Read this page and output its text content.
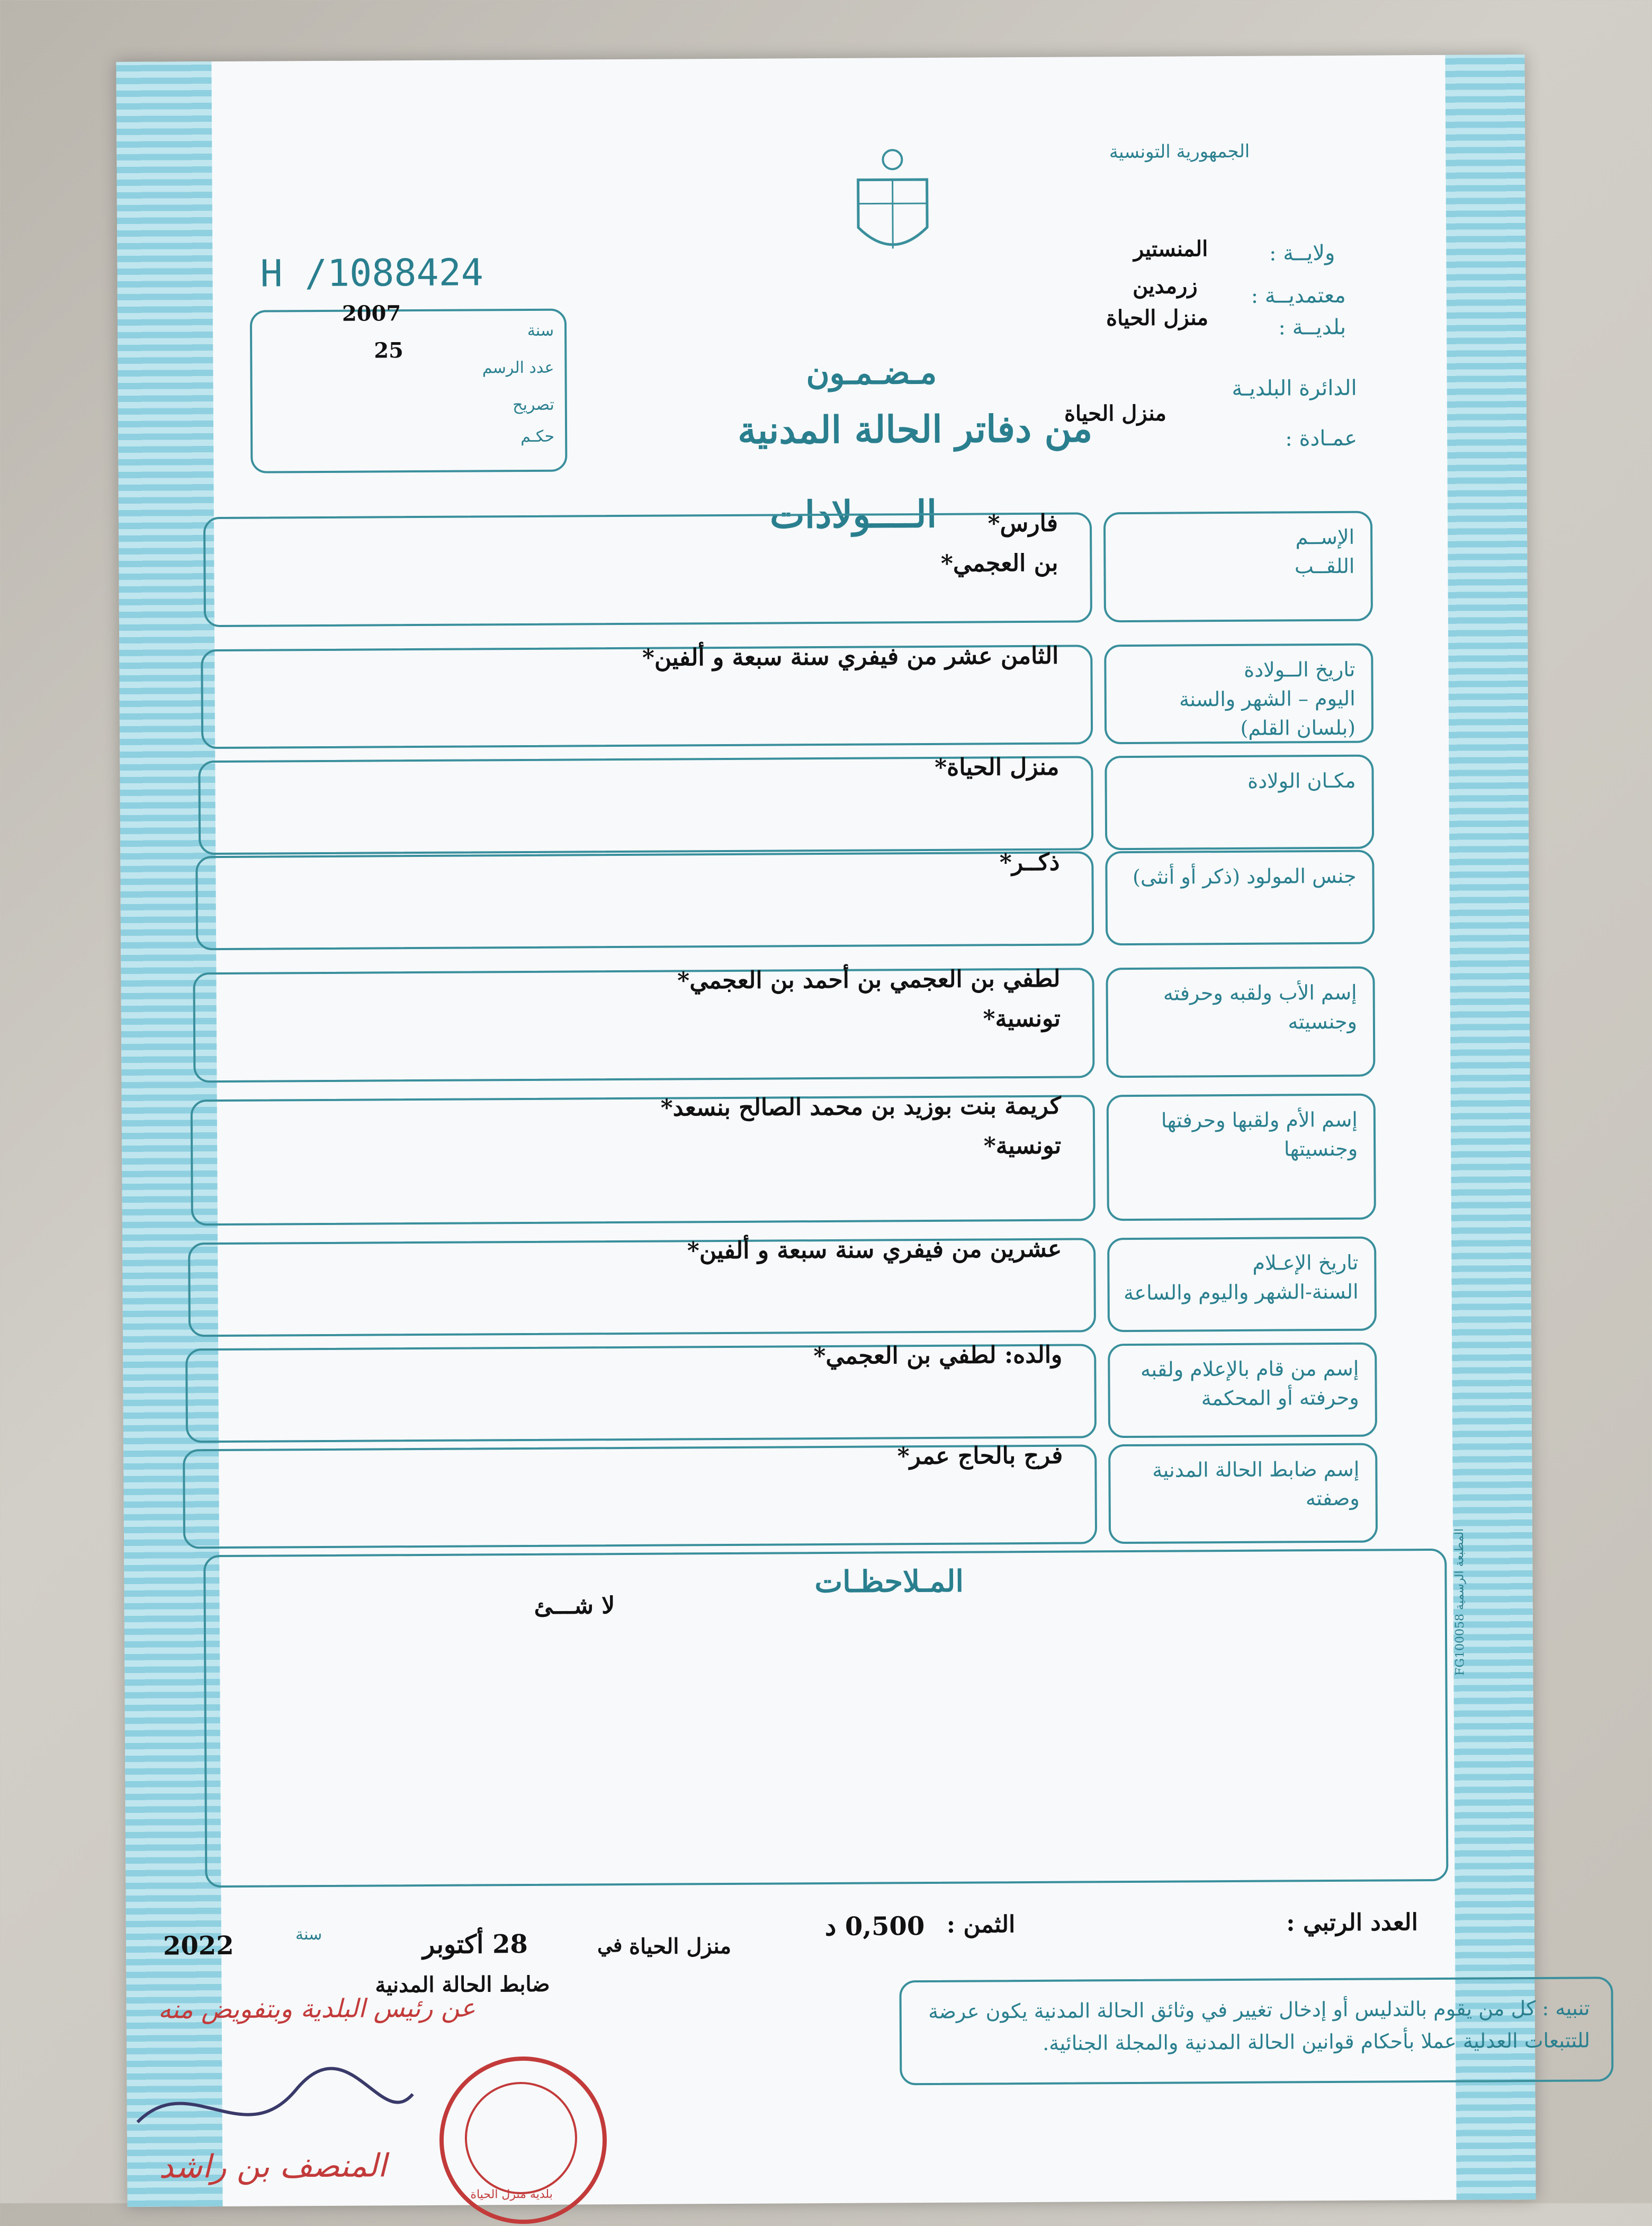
الجمهورية التونسية
ولايــة :
المنستير
معتمديــة :
زرمدين
بلديــة :
منزل الحياة
الدائرة البلديـة
منزل الحياة
عمـادة :
H /1088424
2007
سنة
25
عدد الرسم
تصريح
حكـم
مـضـمـون
من دفاتر الحالة المدنية
الــــولادات
الإســم
اللقــب
فارس*
بن العجمي*
تاريخ الــولادة
اليوم – الشهر والسنة
(بلسان القلم)
الثامن عشر من فيفري سنة سبعة و ألفين*
مكـان الولادة
منزل الحياة*
جنس المولود (ذكر أو أنثى)
ذكــر*
إسم الأب ولقبه وحرفته
وجنسيته
لطفي بن العجمي بن أحمد بن العجمي*
تونسية*
إسم الأم ولقبها وحرفتها
وجنسيتها
كريمة بنت بوزيد بن محمد الصالح بنسعد*
تونسية*
تاريخ الإعـلام
السنة-الشهر واليوم والساعة
عشرين من فيفري سنة سبعة و ألفين*
إسم من قام بالإعلام ولقبه
وحرفته أو المحكمة
والده: لطفي بن العجمي*
إسم ضابط الحالة المدنية
وصفته
فرج بالحاج عمر*
المـلاحظـات
لا شـــئ
المطبعة الرسمية FG100058
العدد الرتبي :
الثمن :
0,500 د
منزل الحياة
في
28 أكتوبر
سنة
2022
ضابط الحالة المدنية
تنبيه : كل من يقوم بالتدليس أو إدخال تغيير في وثائق الحالة المدنية يكون عرضة
للتتبعات العدلية عملا بأحكام قوانين الحالة المدنية والمجلة الجنائية.
عن رئيس البلدية وبتفويض منه
المنصف بن راشد
بلدية منزل الحياة
